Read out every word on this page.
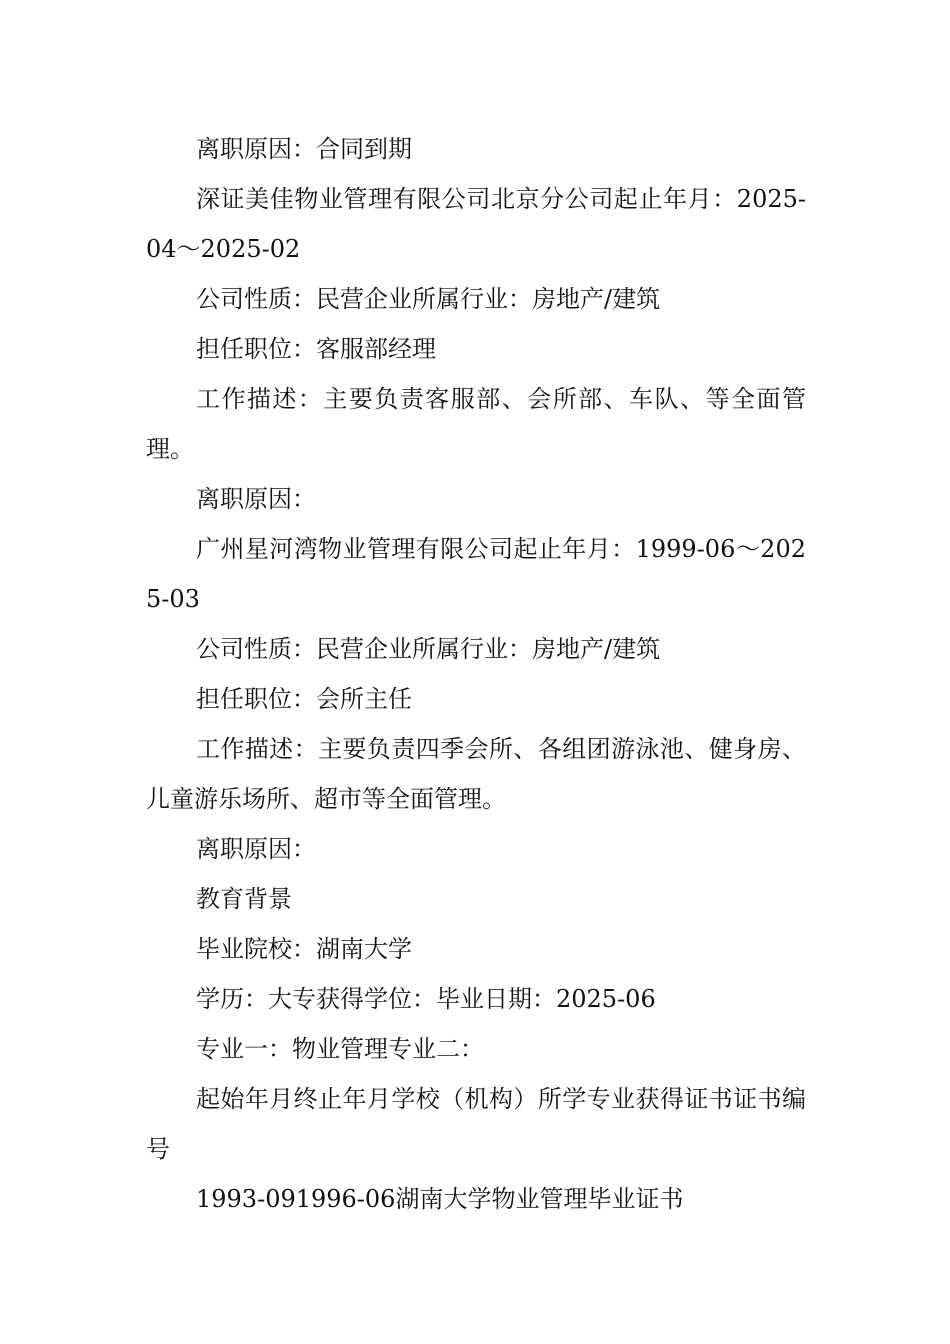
离职原因：合同到期

深证美佳物业管理有限公司北京分公司起止年月：2025-04～2025-02

公司性质：民营企业所属行业：房地产/建筑

担任职位：客服部经理

工作描述：主要负责客服部、会所部、车队、等全面管理。

离职原因：

广州星河湾物业管理有限公司起止年月：1999-06～2025-03

公司性质：民营企业所属行业：房地产/建筑

担任职位：会所主任

工作描述：主要负责四季会所、各组团游泳池、健身房、儿童游乐场所、超市等全面管理。

离职原因：

教育背景

毕业院校：湖南大学

学历：大专获得学位：毕业日期：2025-06

专业一：物业管理专业二：

起始年月终止年月学校（机构）所学专业获得证书证书编号

1993-091996-06湖南大学物业管理毕业证书
